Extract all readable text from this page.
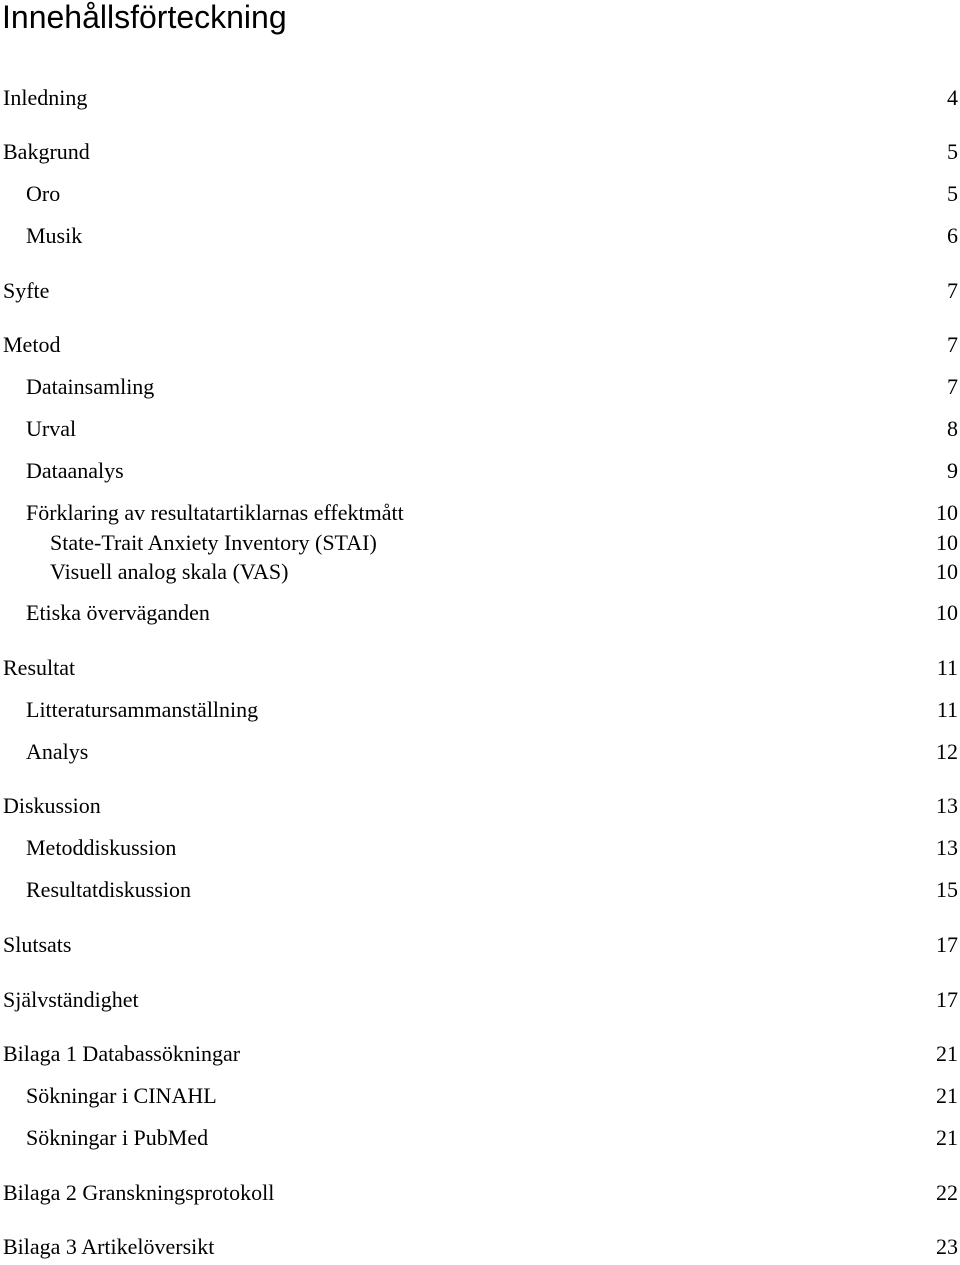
Innehållsförteckning
Inledning	4
Bakgrund	5
Oro	5
Musik	6
Syfte	7
Metod	7
Datainsamling	7
Urval	8
Dataanalys	9
Förklaring av resultatartiklarnas effektmått	10
State-Trait Anxiety Inventory (STAI)	10
Visuell analog skala (VAS)	10
Etiska överväganden	10
Resultat	11
Litteratursammanställning	11
Analys	12
Diskussion	13
Metoddiskussion	13
Resultatdiskussion	15
Slutsats	17
Självständighet	17
Bilaga 1 Databassökningar	21
Sökningar i CINAHL	21
Sökningar i PubMed	21
Bilaga 2 Granskningsprotokoll	22
Bilaga 3 Artikelöversikt	23
